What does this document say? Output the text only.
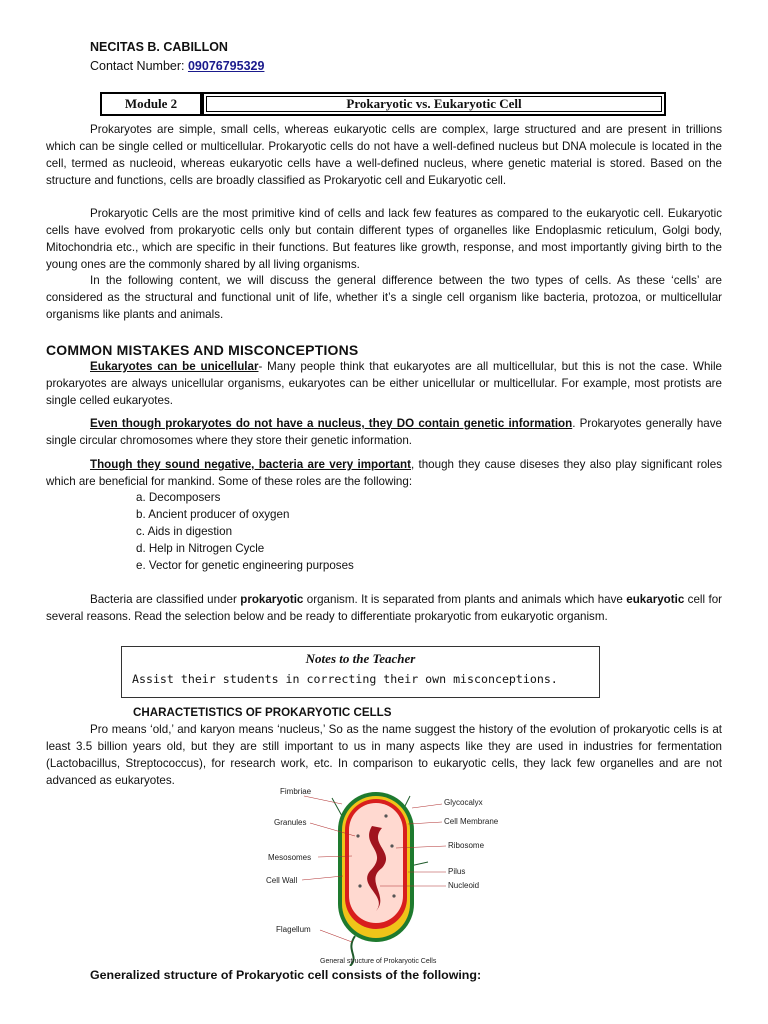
NECITAS B. CABILLON
Contact Number: 09076795329
Module 2	Prokaryotic vs. Eukaryotic Cell
Prokaryotes are simple, small cells, whereas eukaryotic cells are complex, large structured and are present in trillions which can be single celled or multicellular. Prokaryotic cells do not have a well-defined nucleus but DNA molecule is located in the cell, termed as nucleoid, whereas eukaryotic cells have a well-defined nucleus, where genetic material is stored. Based on the structure and functions, cells are broadly classified as Prokaryotic cell and Eukaryotic cell.
Prokaryotic Cells are the most primitive kind of cells and lack few features as compared to the eukaryotic cell. Eukaryotic cells have evolved from prokaryotic cells only but contain different types of organelles like Endoplasmic reticulum, Golgi body, Mitochondria etc., which are specific in their functions. But features like growth, response, and most importantly giving birth to the young ones are the commonly shared by all living organisms.
In the following content, we will discuss the general difference between the two types of cells. As these ‘cells’ are considered as the structural and functional unit of life, whether it’s a single cell organism like bacteria, protozoa, or multicellular organisms like plants and animals.
COMMON MISTAKES AND MISCONCEPTIONS
Eukaryotes can be unicellular- Many people think that eukaryotes are all multicellular, but this is not the case. While prokaryotes are always unicellular organisms, eukaryotes can be either unicellular or multicellular. For example, most protists are single celled eukaryotes.
Even though prokaryotes do not have a nucleus, they DO contain genetic information. Prokaryotes generally have single circular chromosomes where they store their genetic information.
Though they sound negative, bacteria are very important, though they cause diseses they also play significant roles which are beneficial for mankind. Some of these roles are the following:
a. Decomposers
b. Ancient producer of oxygen
c. Aids in digestion
d. Help in Nitrogen Cycle
e. Vector for genetic engineering purposes
Bacteria are classified under prokaryotic organism. It is separated from plants and animals which have eukaryotic cell for several reasons. Read the selection below and be ready to differentiate prokaryotic from eukaryotic organism.
Notes to the Teacher
Assist their students in correcting their own misconceptions.
CHARACTETISTICS OF PROKARYOTIC CELLS
Pro means ‘old,’ and karyon means ‘nucleus,’ So as the name suggest the history of the evolution of prokaryotic cells is at least 3.5 billion years old, but they are still important to us in many aspects like they are used in industries for fermentation (Lactobacillus, Streptococcus), for research work, etc. In comparison to eukaryotic cells, they lack few organelles and are not advanced as eukaryotes.
Fimbriae
Granules
Mesosomes
Cell Wall
Flagellum
Glycocalyx
Cell Membrane
Ribosome
Pilus
Nucleoid
General structure of Prokaryotic Cells
Generalized structure of Prokaryotic cell consists of the following:
